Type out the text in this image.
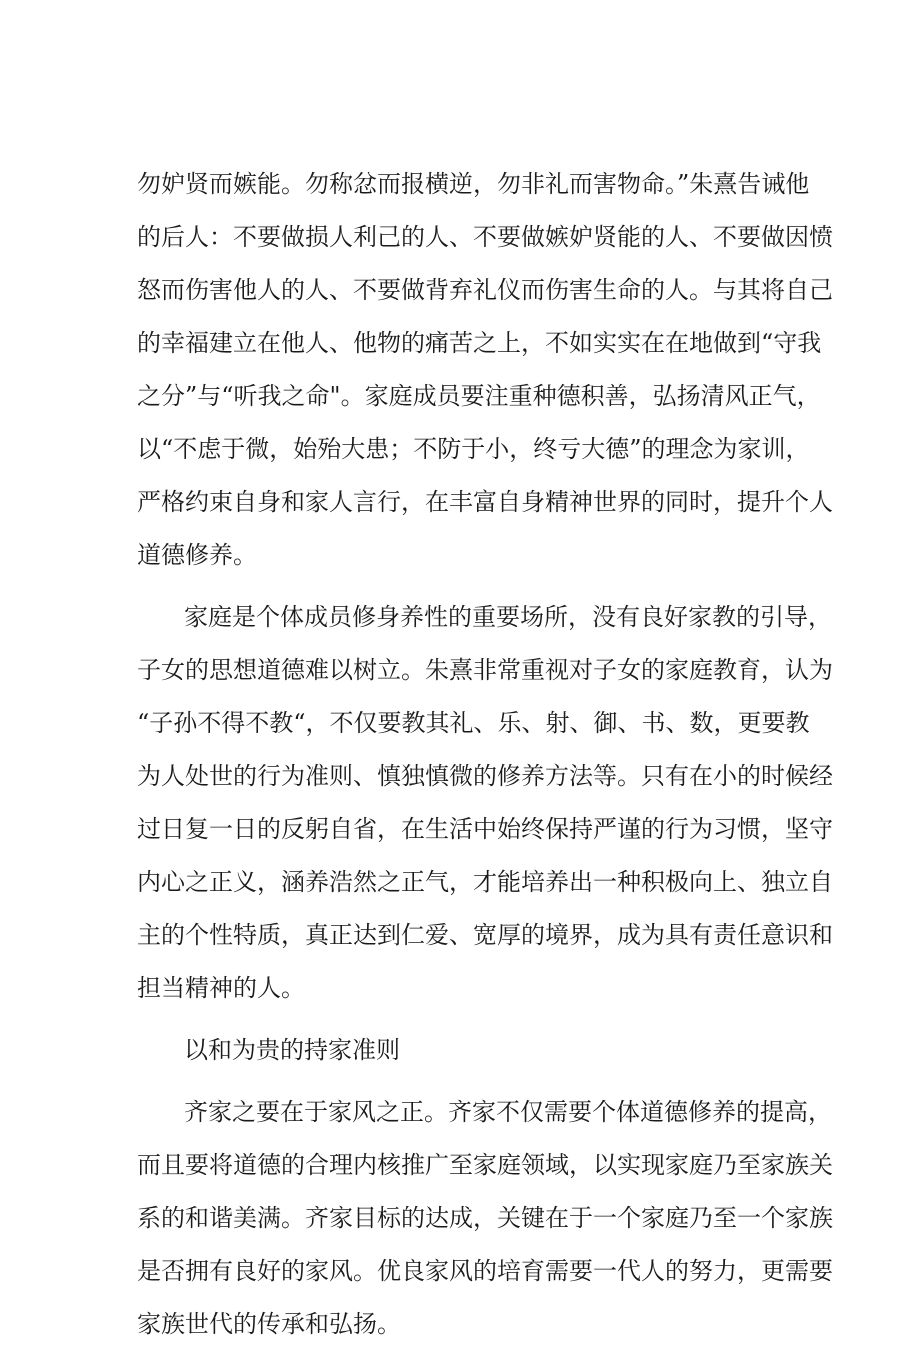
勿妒贤而嫉能。勿称忿而报横逆，勿非礼而害物命。”朱熹告诫他
的后人：不要做损人利己的人、不要做嫉妒贤能的人、不要做因愤
怒而伤害他人的人、不要做背弃礼仪而伤害生命的人。与其将自己
的幸福建立在他人、他物的痛苦之上，不如实实在在地做到“守我
之分”与“听我之命"。家庭成员要注重种德积善，弘扬清风正气，
以“不虑于微，始殆大患；不防于小，终亏大德”的理念为家训，
严格约束自身和家人言行，在丰富自身精神世界的同时，提升个人
道德修养。
家庭是个体成员修身养性的重要场所，没有良好家教的引导，
子女的思想道德难以树立。朱熹非常重视对子女的家庭教育，认为
“子孙不得不教“，不仅要教其礼、乐、射、御、书、数，更要教
为人处世的行为准则、慎独慎微的修养方法等。只有在小的时候经
过日复一日的反躬自省，在生活中始终保持严谨的行为习惯，坚守
内心之正义，涵养浩然之正气，才能培养出一种积极向上、独立自
主的个性特质，真正达到仁爱、宽厚的境界，成为具有责任意识和
担当精神的人。
以和为贵的持家准则
齐家之要在于家风之正。齐家不仅需要个体道德修养的提高，
而且要将道德的合理内核推广至家庭领域，以实现家庭乃至家族关
系的和谐美满。齐家目标的达成，关键在于一个家庭乃至一个家族
是否拥有良好的家风。优良家风的培育需要一代人的努力，更需要
家族世代的传承和弘扬。
